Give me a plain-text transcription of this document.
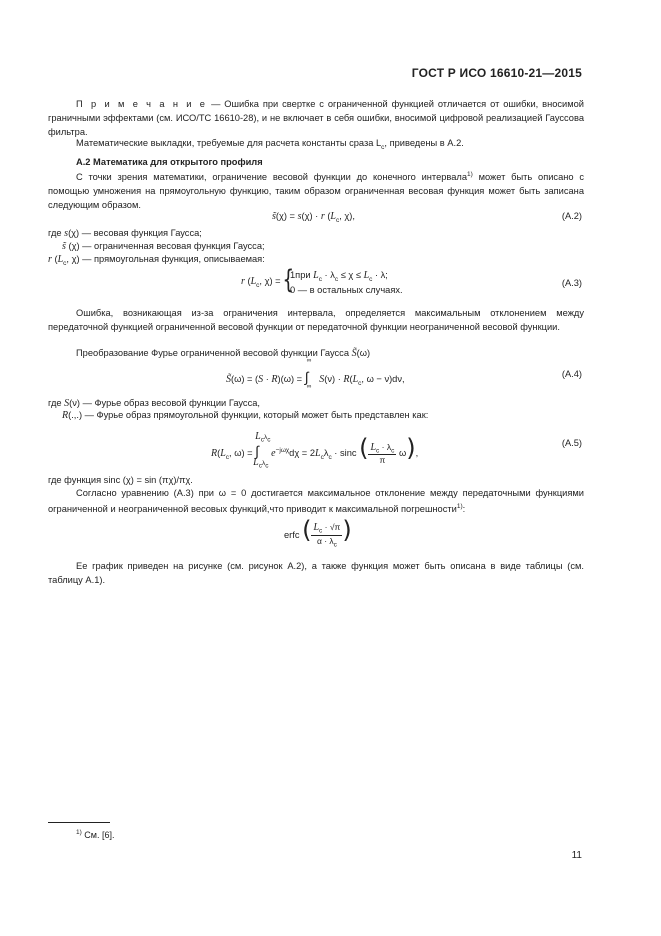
ГОСТ Р ИСО 16610-21—2015
П р и м е ч а н и е — Ошибка при свертке с ограниченной функцией отличается от ошибки, вносимой граничными эффектами (см. ИСО/ТС 16610-28), и не включает в себя ошибки, вносимой цифровой реализацией Гауссова фильтра.
Математические выкладки, требуемые для расчета константы сраза $L_c$, приведены в А.2.
А.2 Математика для открытого профиля
С точки зрения математики, ограничение весовой функции до конечного интервала$^{1)}$ может быть описано с помощью умножения на прямоугольную функцию, таким образом ограниченная весовая функция может быть записана следующим образом.
s̃(χ) = s(χ) · r ($L_c$, χ),	(А.2)
где s(χ) — весовая функция Гаусса;
s̃ (χ) — ограниченная весовая функция Гаусса;
r ($L_c$, χ) — прямоугольная функция, описываемая:
r ($L_c$, χ) = {
1при $L_c \cdot \lambda_c \le \chi \le L_c \cdot \lambda$;
0 — в остальных случаях.
(А.3)
Ошибка, возникающая из-за ограничения интервала, определяется максимальным отклонением между передаточной функцией ограниченной весовой функции от передаточной функции неограниченной весовой функции.
Преобразование Фурье ограниченной весовой функции Гаусса S̃(ω)
S̃(ω) = (S · R)(ω) =
∞
∫
∞
$S(\nu) \cdot R(L_c$, ω − ν)dν,	(А.4)
где S(ν) — Фурье образ весовой функции Гаусса,
R(.,.) — Фурье образ прямоугольной функции, который может быть представлен как:
$R(L_c$, ω) =
$L_c\lambda_c$
∫
$L_c\lambda_c$
$e^{-j\omega\chi}d\chi = 2L_c\lambda_c \cdot \sin c$ ( $\frac{L_c \cdot \lambda_c}{\pi} \omega$),
(А.5)
где функция sinc (χ) = sin (πχ)/πχ.
Согласно уравнению (А.3) при ω = 0 достигается максимальное отклонение между передаточными функциями ограниченной и неограниченной весовых функций,что приводит к максимальной погрешности$^{1)}$:
erfc ( $\frac{L_c \cdot √\pi}{\alpha \cdot \lambda_c}$ )
Ее график приведен на рисунке (см. рисунок А.2), а также функция может быть описана в виде таблицы (см. таблицу А.1).
$^{1)}$ См. [6].
11
